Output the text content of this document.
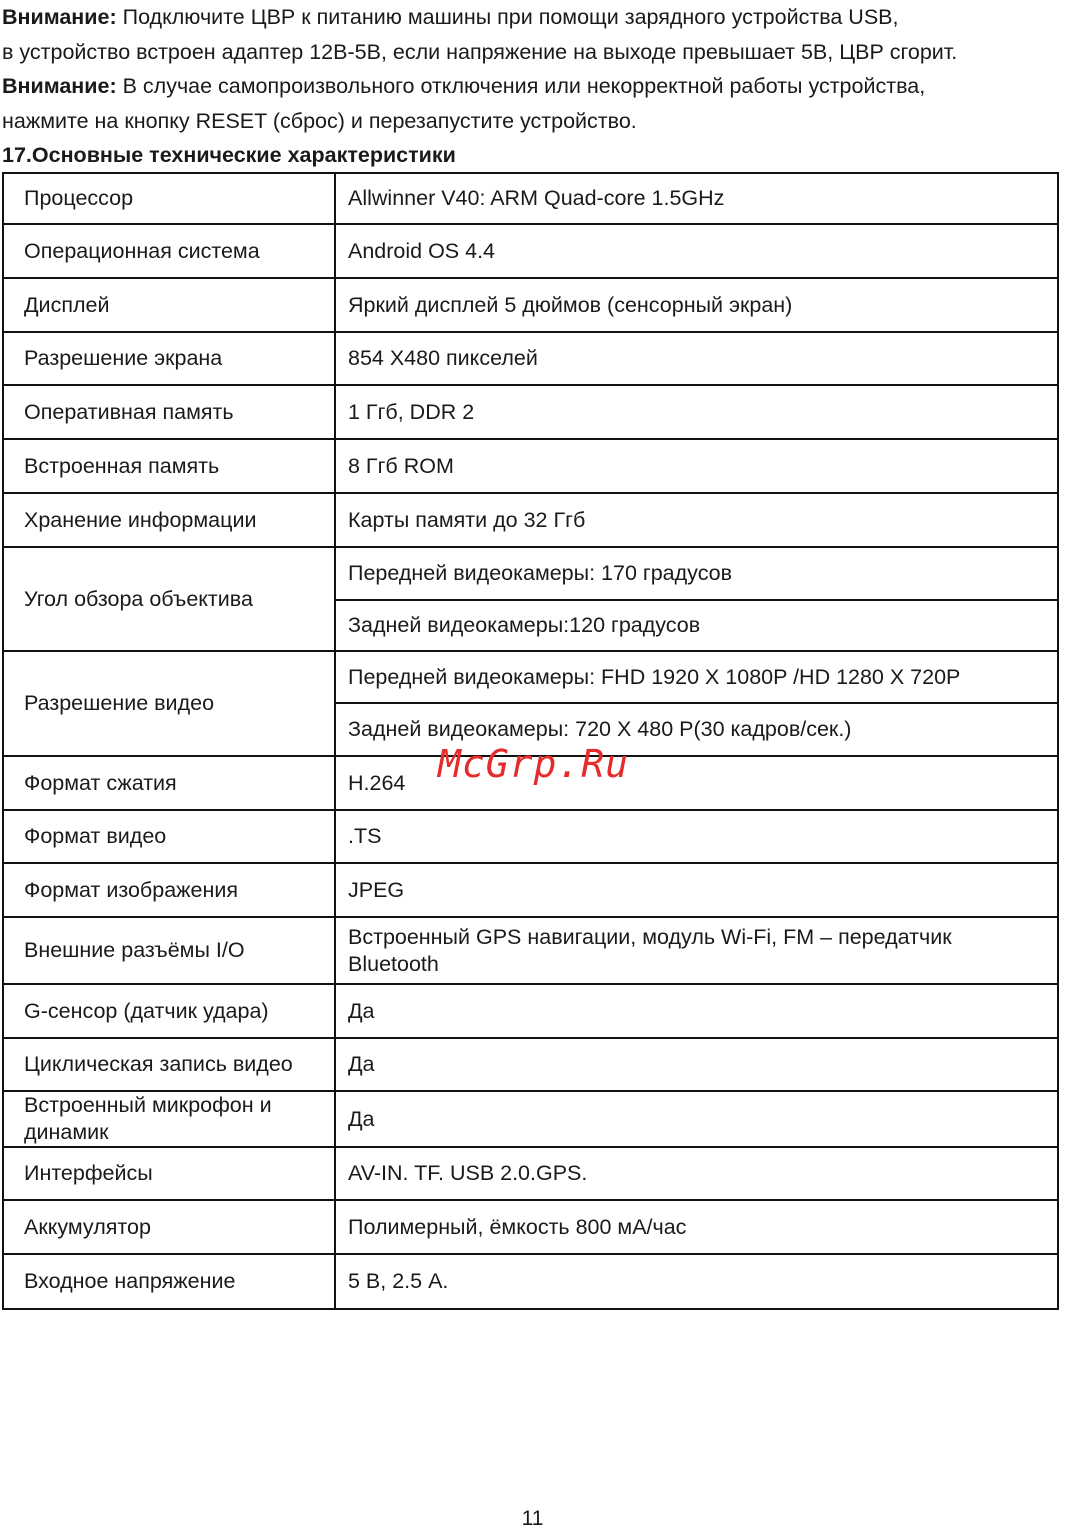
Внимание: Подключите ЦВР к питанию машины при помощи зарядного устройства USB,
в устройство встроен адаптер 12В-5В, если напряжение на выходе превышает 5В, ЦВР сгорит.
Внимание: В случае самопроизвольного отключения или некорректной работы устройства,
нажмите на кнопку RESET (сброс) и перезапустите устройство.
17.Основные технические характеристики
Процессор	Allwinner V40: ARM Quad-core 1.5GHz
Операционная система	Android OS 4.4
Дисплей	Яркий дисплей 5 дюймов (сенсорный экран)
Разрешение экрана	854 X480 пикселей
Оперативная память	1 Ггб, DDR 2
Встроенная память	8 Ггб ROM
Хранение информации	Карты памяти до 32 Ггб
Угол обзора объектива	Передней видеокамеры: 170 градусов
	Задней видеокамеры:120 градусов
Разрешение видео	Передней видеокамеры: FHD 1920 X 1080P /HD 1280 X 720P
	Задней видеокамеры: 720 X 480 P(30 кадров/сек.)
Формат сжатия	H.264
Формат видео	.TS
Формат изображения	JPEG
Внешние разъёмы I/O	Встроенный GPS навигации, модуль Wi-Fi, FM – передатчик
Bluetooth

G-сенсор (датчик удара)	Да
Циклическая запись видео	Да
Встроенный микрофон и динамик	Да
Интерфейсы	AV-IN. TF. USB 2.0.GPS.
Аккумулятор	Полимерный, ёмкость 800 мА/час
Входное напряжение	5 В, 2.5 А.
McGrp.Ru
11
